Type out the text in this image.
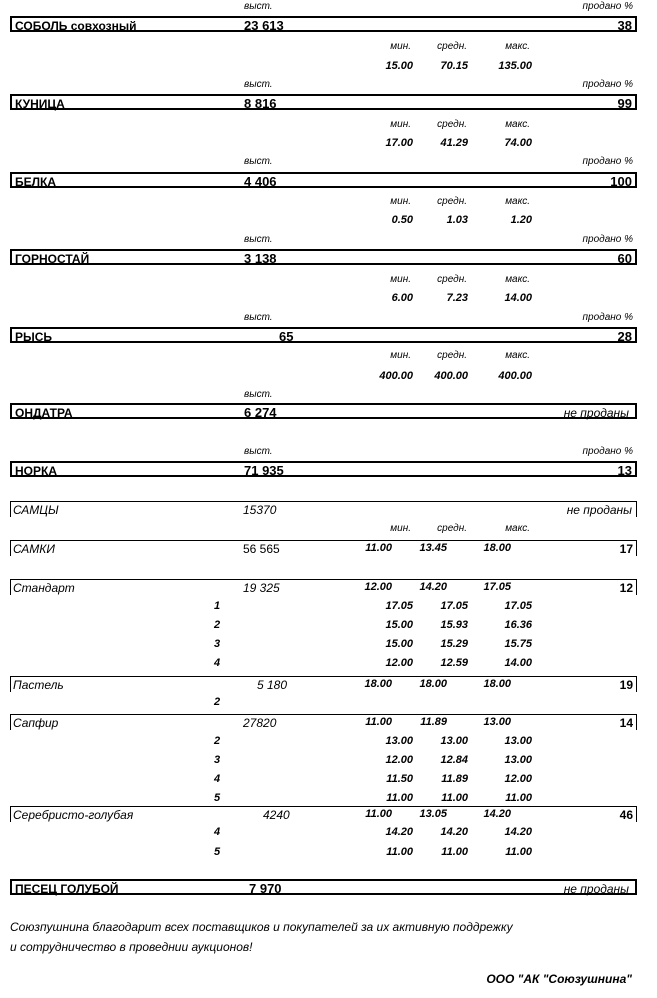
выст.	продано %
СОБОЛЬ совхозный	23 613	38
мин.	средн.	макс.
15.00 70.15	135.00
выст.	продано %
КУНИЦА	8 816	99
мин.	средн.	макс.
17.00 41.29	74.00
выст.	продано %
БЕЛКА	4 406	100
мин.	средн.	макс.
0.50	1.03	1.20
выст.	продано %
ГОРНОСТАЙ	3 138	60
мин.	средн.	макс.
6.00	7.23	14.00
выст.	продано %
РЫСЬ	65	28
мин.	средн.	макс.
400.00 400.00	400.00
выст.
ОНДАТРА	6 274	не проданы
выст.	продано %
НОРКА	71 935	13
САМЦЫ	15370	не проданы
мин.	средн.	макс.
САМКИ	56 565	11.00 13.45	18.00	17
Стандарт	19 325	12.00 14.20	17.05	12
1	17.05 17.05	17.05
2	15.00 15.93	16.36
3	15.00 15.29	15.75
4	12.00 12.59	14.00
Пастель	5 180	18.00 18.00	18.00	19
2
Сапфир	27820	11.00	11.89	13.00	14
2	13.00 13.00	13.00
3	12.00 12.84	13.00
4	11.50	11.89	12.00
5	11.00	11.00	11.00
Серебристо-голубая	4240	11.00 13.05	14.20	46
4	14.20 14.20	14.20
5	11.00	11.00	11.00
ПЕСЕЦ ГОЛУБОЙ	7 970	не проданы
Союзпушнина благодарит всех поставщиков и покупателей за их активную поддрежку
и сотрудничество в проведнии аукционов!
ООО "АК "Союзушнина"
